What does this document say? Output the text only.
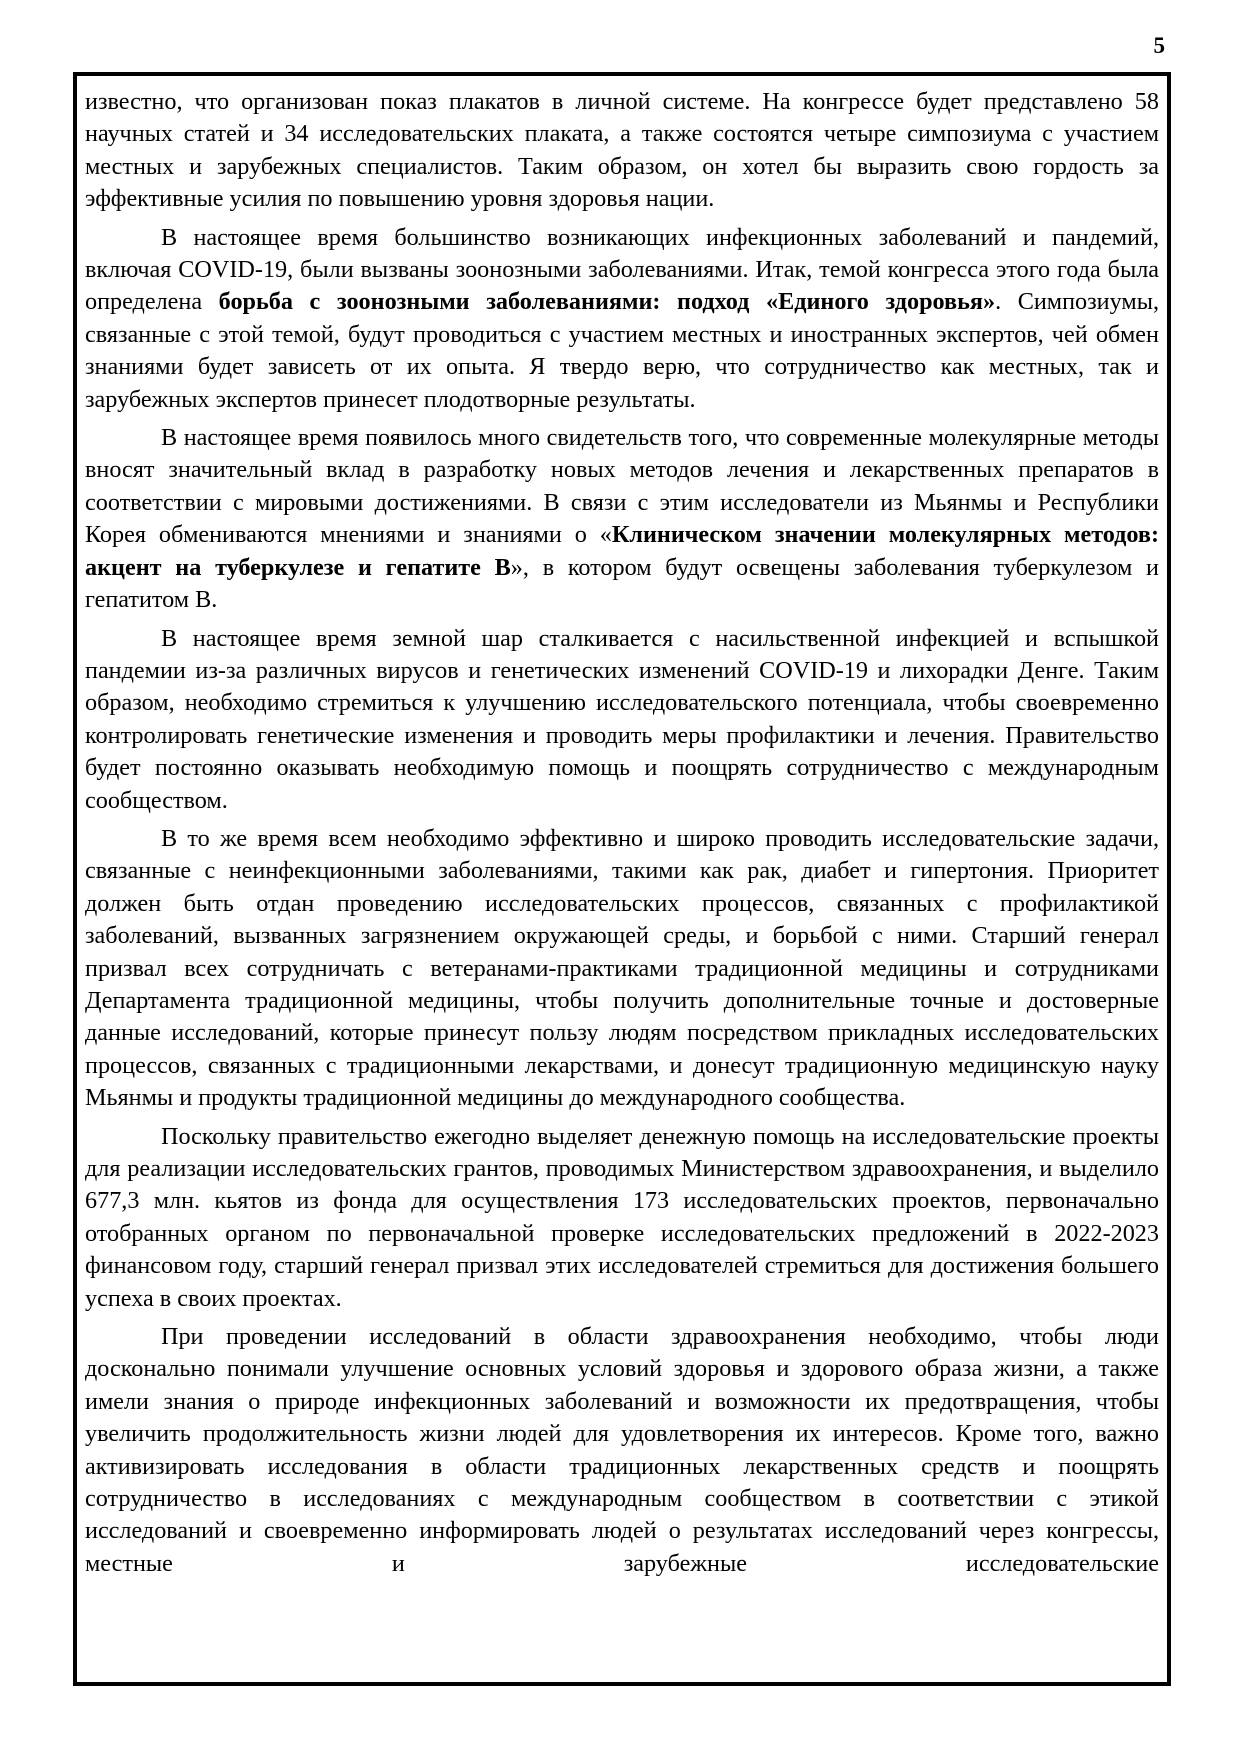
5

известно, что организован показ плакатов в личной системе. На конгрессе будет представлено 58 научных статей и 34 исследовательских плаката, а также состоятся четыре симпозиума с участием местных и зарубежных специалистов. Таким образом, он хотел бы выразить свою гордость за эффективные усилия по повышению уровня здоровья нации.

В настоящее время большинство возникающих инфекционных заболеваний и пандемий, включая COVID-19, были вызваны зоонозными заболеваниями. Итак, темой конгресса этого года была определена борьба с зоонозными заболеваниями: подход «Единого здоровья». Симпозиумы, связанные с этой темой, будут проводиться с участием местных и иностранных экспертов, чей обмен знаниями будет зависеть от их опыта. Я твердо верю, что сотрудничество как местных, так и зарубежных экспертов принесет плодотворные результаты.

В настоящее время появилось много свидетельств того, что современные молекулярные методы вносят значительный вклад в разработку новых методов лечения и лекарственных препаратов в соответствии с мировыми достижениями. В связи с этим исследователи из Мьянмы и Республики Корея обмениваются мнениями и знаниями о «Клиническом значении молекулярных методов: акцент на туберкулезе и гепатите В», в котором будут освещены заболевания туберкулезом и гепатитом В.

В настоящее время земной шар сталкивается с насильственной инфекцией и вспышкой пандемии из-за различных вирусов и генетических изменений COVID-19 и лихорадки Денге. Таким образом, необходимо стремиться к улучшению исследовательского потенциала, чтобы своевременно контролировать генетические изменения и проводить меры профилактики и лечения. Правительство будет постоянно оказывать необходимую помощь и поощрять сотрудничество с международным сообществом.

В то же время всем необходимо эффективно и широко проводить исследовательские задачи, связанные с неинфекционными заболеваниями, такими как рак, диабет и гипертония. Приоритет должен быть отдан проведению исследовательских процессов, связанных с профилактикой заболеваний, вызванных загрязнением окружающей среды, и борьбой с ними. Старший генерал призвал всех сотрудничать с ветеранами-практиками традиционной медицины и сотрудниками Департамента традиционной медицины, чтобы получить дополнительные точные и достоверные данные исследований, которые принесут пользу людям посредством прикладных исследовательских процессов, связанных с традиционными лекарствами, и донесут традиционную медицинскую науку Мьянмы и продукты традиционной медицины до международного сообщества.

Поскольку правительство ежегодно выделяет денежную помощь на исследовательские проекты для реализации исследовательских грантов, проводимых Министерством здравоохранения, и выделило 677,3 млн. кьятов из фонда для осуществления 173 исследовательских проектов, первоначально отобранных органом по первоначальной проверке исследовательских предложений в 2022-2023 финансовом году, старший генерал призвал этих исследователей стремиться для достижения большего успеха в своих проектах.

При проведении исследований в области здравоохранения необходимо, чтобы люди досконально понимали улучшение основных условий здоровья и здорового образа жизни, а также имели знания о природе инфекционных заболеваний и возможности их предотвращения, чтобы увеличить продолжительность жизни людей для удовлетворения их интересов. Кроме того, важно активизировать исследования в области традиционных лекарственных средств и поощрять сотрудничество в исследованиях с международным сообществом в соответствии с этикой исследований и своевременно информировать людей о результатах исследований через конгрессы, местные и зарубежные исследовательские
